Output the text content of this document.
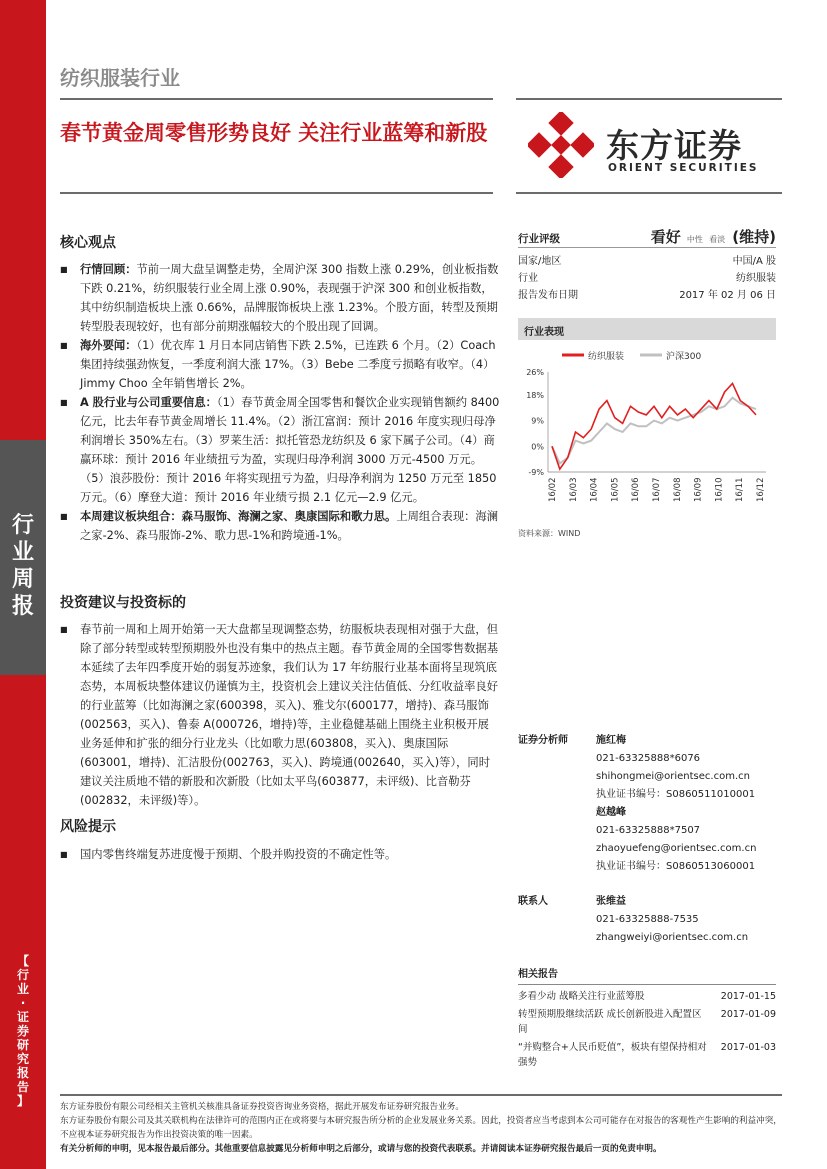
行
业
周
报
【
行
业
·
证
券
研
究
报
告
】
纺织服装行业
春节黄金周零售形势良好 关注行业蓝筹和新股	东方证券
ORIENT SECURITIES
核心观点
■ 行情回顾：节前一周大盘呈调整走势，全周沪深 300 指数上涨 0.29%，创业板指数下跌 0.21%，纺织服装行业全周上涨 0.90%，表现强于沪深 300 和创业板指数，其中纺织制造板块上涨 0.66%，品牌服饰板块上涨 1.23%。个股方面，转型及预期转型股表现较好，也有部分前期涨幅较大的个股出现了回调。
■ 海外要闻：（1）优衣库 1 月日本同店销售下跌 2.5%，已连跌 6 个月。（2）Coach 集团持续强劲恢复，一季度利润大涨 17%。（3）Bebe 二季度亏损略有收窄。（4）Jimmy Choo 全年销售增长 2%。
■ A 股行业与公司重要信息：（1）春节黄金周全国零售和餐饮企业实现销售额约 8400 亿元，比去年春节黄金周增长 11.4%。（2）浙江富润：预计 2016 年度实现归母净利润增长 350%左右。（3）罗莱生活：拟托管恐龙纺织及 6 家下属子公司。（4）商赢环球：预计 2016 年业绩扭亏为盈，实现归母净利润 3000 万元-4500 万元。（5）浪莎股份：预计 2016 年将实现扭亏为盈，归母净利润为 1250 万元至 1850 万元。（6）摩登大道：预计 2016 年业绩亏损 2.1 亿元—2.9 亿元。
■ 本周建议板块组合：森马服饰、海澜之家、奥康国际和歌力思。上周组合表现：海澜之家-2%、森马服饰-2%、歌力思-1%和跨境通-1%。
投资建议与投资标的
■ 春节前一周和上周开始第一天大盘都呈现调整态势，纺服板块表现相对强于大盘，但除了部分转型或转型预期股外也没有集中的热点主题。春节黄金周的全国零售数据基本延续了去年四季度开始的弱复苏迹象，我们认为 17 年纺服行业基本面将呈现筑底态势，本周板块整体建议仍谨慎为主，投资机会上建议关注估值低、分红收益率良好的行业蓝筹（比如海澜之家(600398，买入)、雅戈尔(600177，增持)、森马服饰(002563，买入)、鲁泰 A(000726，增持)等，主业稳健基础上围绕主业积极开展业务延伸和扩张的细分行业龙头（比如歌力思(603808，买入)、奥康国际(603001，增持)、汇洁股份(002763，买入)、跨境通(002640，买入)等），同时建议关注质地不错的新股和次新股（比如太平鸟(603877，未评级)、比音勒芬(002832，未评级)等）。
风险提示
■ 国内零售终端复苏进度慢于预期、个股并购投资的不确定性等。
行业评级	看好 中性 看淡 (维持)
国家/地区	中国/A 股
行业	纺织服装
报告发布日期	2017 年 02 月 06 日
行业表现
纺织服装	沪深300
26%
18%
9%
0%
-9%
16/02 16/03 16/04 16/05 16/06 16/07 16/08 16/09 16/10 16/11 16/12
资料来源：WIND
证券分析师	施红梅
021-63325888*6076
shihongmei@orientsec.com.cn
执业证书编号：S0860511010001
赵越峰
021-63325888*7507
zhaoyuefeng@orientsec.com.cn
执业证书编号：S0860513060001
联系人	张维益
021-63325888-7535
zhangweiyi@orientsec.com.cn
相关报告
多看少动 战略关注行业蓝筹股	2017-01-15
转型预期股继续活跃 成长创新股进入配置区间
2017-01-09
“并购整合+人民币贬值”，板块有望保持相对强势
2017-01-03
东方证券股份有限公司经相关主管机关核准具备证券投资咨询业务资格，据此开展发布证券研究报告业务。
东方证券股份有限公司及其关联机构在法律许可的范围内正在或将要与本研究报告所分析的企业发展业务关系。因此，投资者应当考虑到本公司可能存在对报告的客观性产生影响的利益冲突，不应视本证券研究报告为作出投资决策的唯一因素。
有关分析师的申明，见本报告最后部分。其他重要信息披露见分析师申明之后部分，或请与您的投资代表联系。并请阅读本证券研究报告最后一页的免责申明。
